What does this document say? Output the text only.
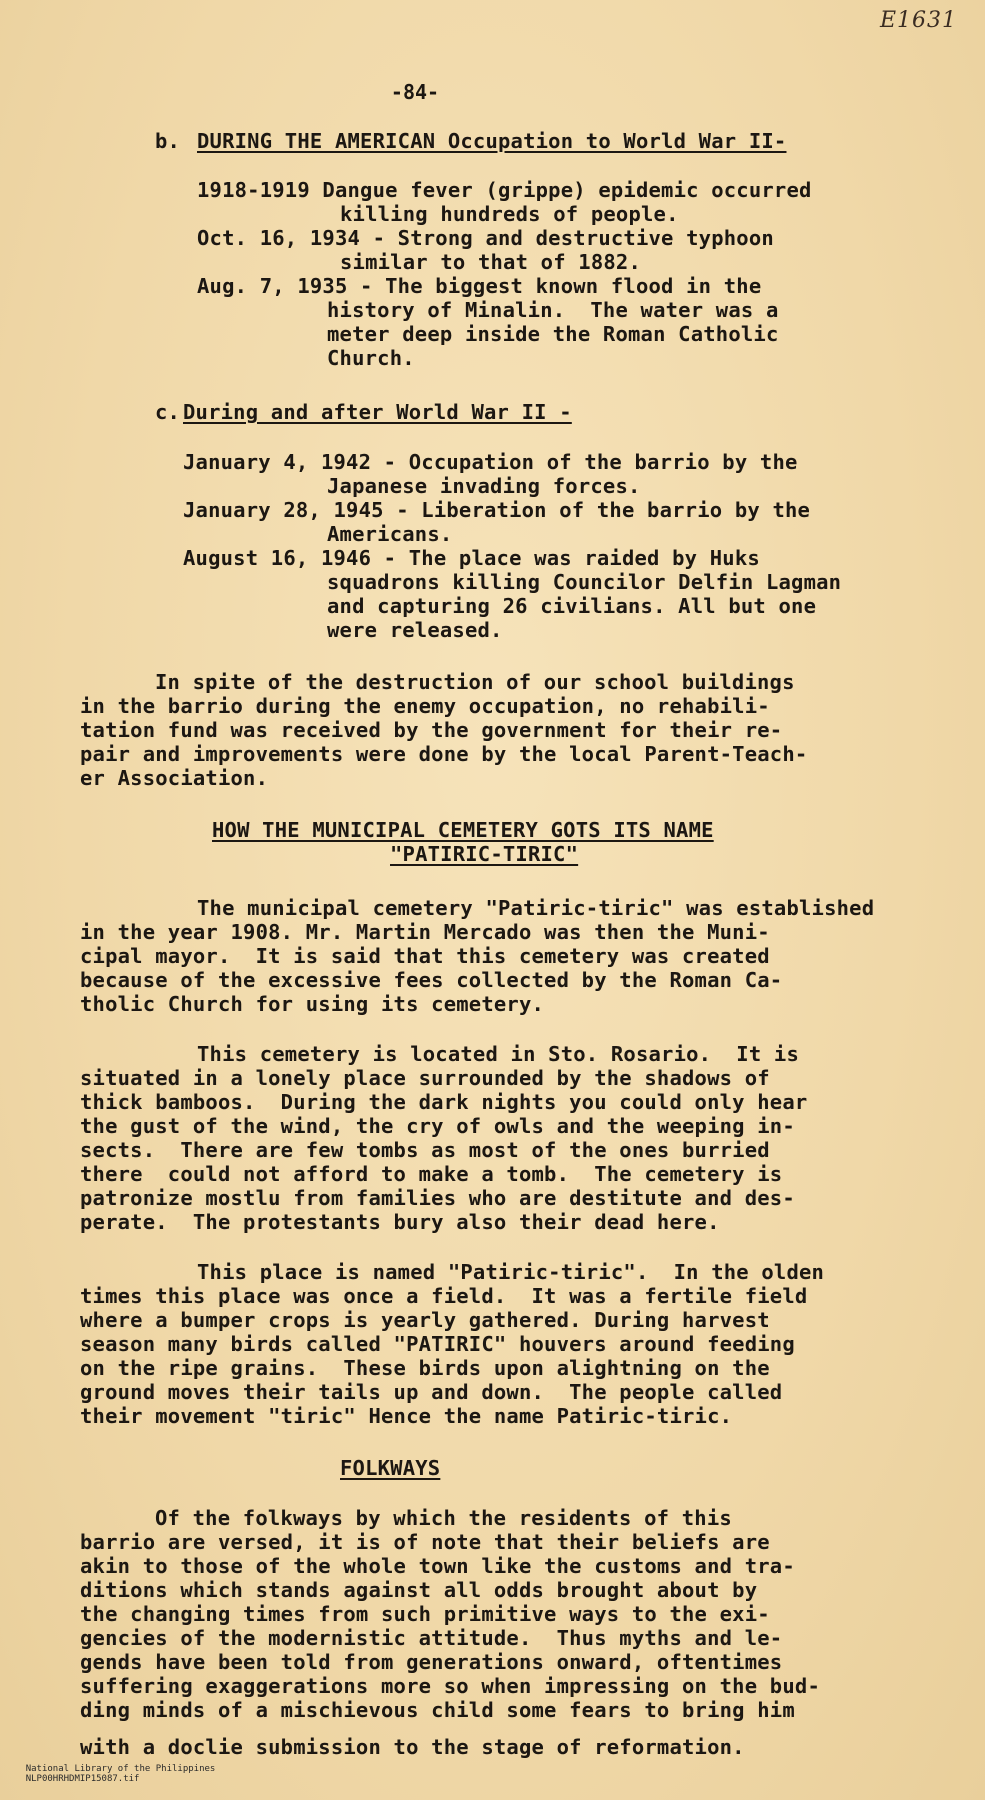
E1631
-84-
b. DURING THE AMERICAN Occupation to World War II-
1918-1919 Dangue fever (grippe) epidemic occurred
killing hundreds of people.
Oct. 16, 1934 - Strong and destructive typhoon
similar to that of 1882.
Aug. 7, 1935 - The biggest known flood in the
history of Minalin.  The water was a
meter deep inside the Roman Catholic
Church.
c. During and after World War II -
January 4, 1942 - Occupation of the barrio by the
Japanese invading forces.
January 28, 1945 - Liberation of the barrio by the
Americans.
August 16, 1946 - The place was raided by Huks
squadrons killing Councilor Delfin Lagman
and capturing 26 civilians. All but one
were released.
In spite of the destruction of our school buildings
in the barrio during the enemy occupation, no rehabili-
tation fund was received by the government for their re-
pair and improvements were done by the local Parent-Teach-
er Association.
HOW THE MUNICIPAL CEMETERY GOTS ITS NAME
"PATIRIC-TIRIC"
The municipal cemetery "Patiric-tiric" was established
in the year 1908. Mr. Martin Mercado was then the Muni-
cipal mayor.  It is said that this cemetery was created
because of the excessive fees collected by the Roman Ca-
tholic Church for using its cemetery.
This cemetery is located in Sto. Rosario.  It is
situated in a lonely place surrounded by the shadows of
thick bamboos.  During the dark nights you could only hear
the gust of the wind, the cry of owls and the weeping in-
sects.  There are few tombs as most of the ones burried
there  could not afford to make a tomb.  The cemetery is
patronize mostlu from families who are destitute and des-
perate.  The protestants bury also their dead here.
This place is named "Patiric-tiric".  In the olden
times this place was once a field.  It was a fertile field
where a bumper crops is yearly gathered. During harvest
season many birds called "PATIRIC" houvers around feeding
on the ripe grains.  These birds upon alightning on the
ground moves their tails up and down.  The people called
their movement "tiric" Hence the name Patiric-tiric.
FOLKWAYS
Of the folkways by which the residents of this
barrio are versed, it is of note that their beliefs are
akin to those of the whole town like the customs and tra-
ditions which stands against all odds brought about by
the changing times from such primitive ways to the exi-
gencies of the modernistic attitude.  Thus myths and le-
gends have been told from generations onward, oftentimes
suffering exaggerations more so when impressing on the bud-
ding minds of a mischievous child some fears to bring him
with a doclie submission to the stage of reformation.

National Library of the Philippines
NLP00HRHDMIP15087.tif
